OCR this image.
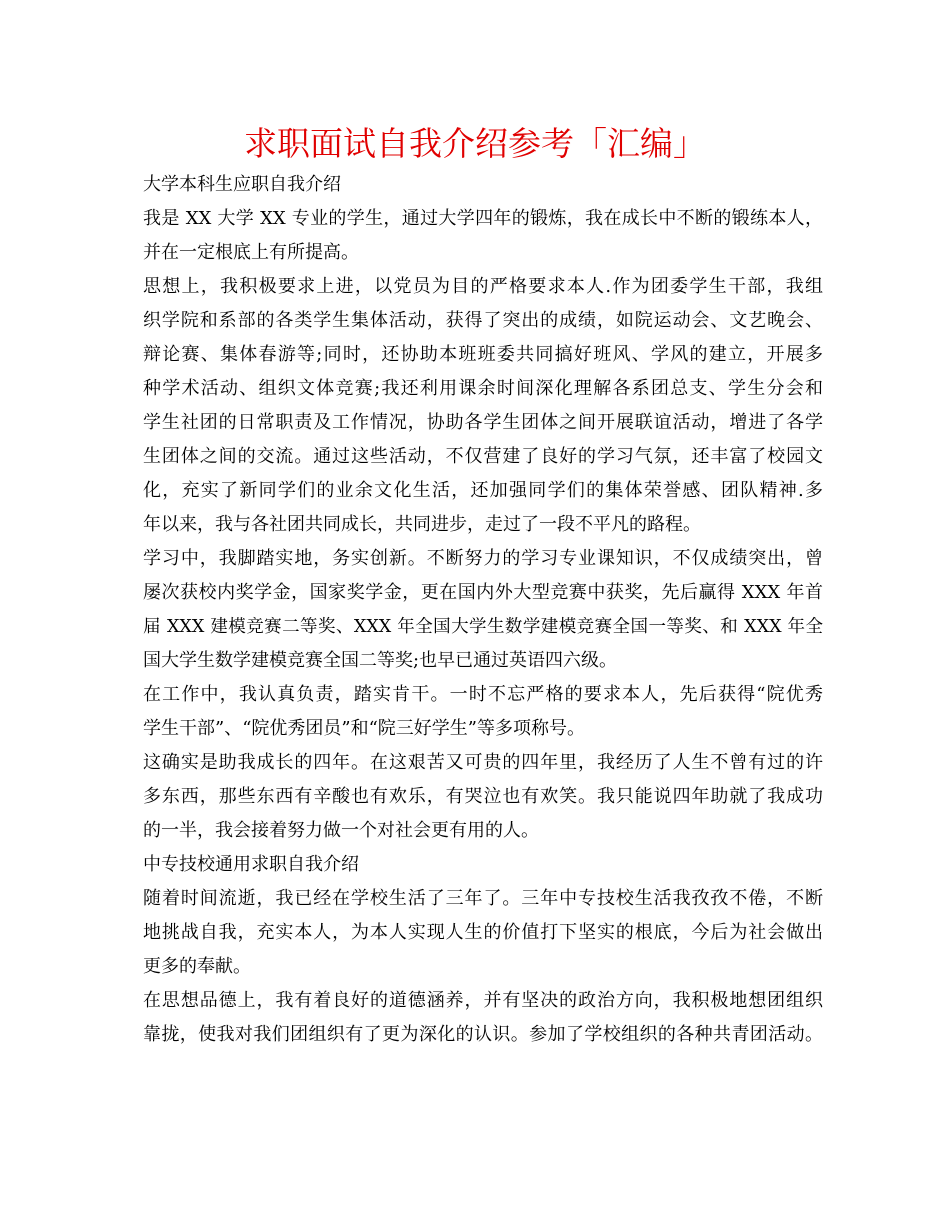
求职面试自我介绍参考「汇编」
大学本科生应职自我介绍
我是 XX 大学 XX 专业的学生，通过大学四年的锻炼，我在成长中不断的锻练本人，
并在一定根底上有所提高。
思想上，我积极要求上进，以党员为目的严格要求本人.作为团委学生干部，我组
织学院和系部的各类学生集体活动，获得了突出的成绩，如院运动会、文艺晚会、
辩论赛、集体春游等;同时，还协助本班班委共同搞好班风、学风的建立，开展多
种学术活动、组织文体竞赛;我还利用课余时间深化理解各系团总支、学生分会和
学生社团的日常职责及工作情况，协助各学生团体之间开展联谊活动，增进了各学
生团体之间的交流。通过这些活动，不仅营建了良好的学习气氛，还丰富了校园文
化，充实了新同学们的业余文化生活，还加强同学们的集体荣誉感、团队精神.多
年以来，我与各社团共同成长，共同进步，走过了一段不平凡的路程。
学习中，我脚踏实地，务实创新。不断努力的学习专业课知识，不仅成绩突出，曾
屡次获校内奖学金，国家奖学金，更在国内外大型竞赛中获奖，先后赢得 XXX 年首
届 XXX 建模竞赛二等奖、XXX 年全国大学生数学建模竞赛全国一等奖、和 XXX 年全
国大学生数学建模竞赛全国二等奖;也早已通过英语四六级。
在工作中，我认真负责，踏实肯干。一时不忘严格的要求本人，先后获得“院优秀
学生干部”、“院优秀团员”和“院三好学生”等多项称号。
这确实是助我成长的四年。在这艰苦又可贵的四年里，我经历了人生不曾有过的许
多东西，那些东西有辛酸也有欢乐，有哭泣也有欢笑。我只能说四年助就了我成功
的一半，我会接着努力做一个对社会更有用的人。
中专技校通用求职自我介绍
随着时间流逝，我已经在学校生活了三年了。三年中专技校生活我孜孜不倦，不断
地挑战自我，充实本人，为本人实现人生的价值打下坚实的根底，今后为社会做出
更多的奉献。
在思想品德上，我有着良好的道德涵养，并有坚决的政治方向，我积极地想团组织
靠拢，使我对我们团组织有了更为深化的认识。参加了学校组织的各种共青团活动。
